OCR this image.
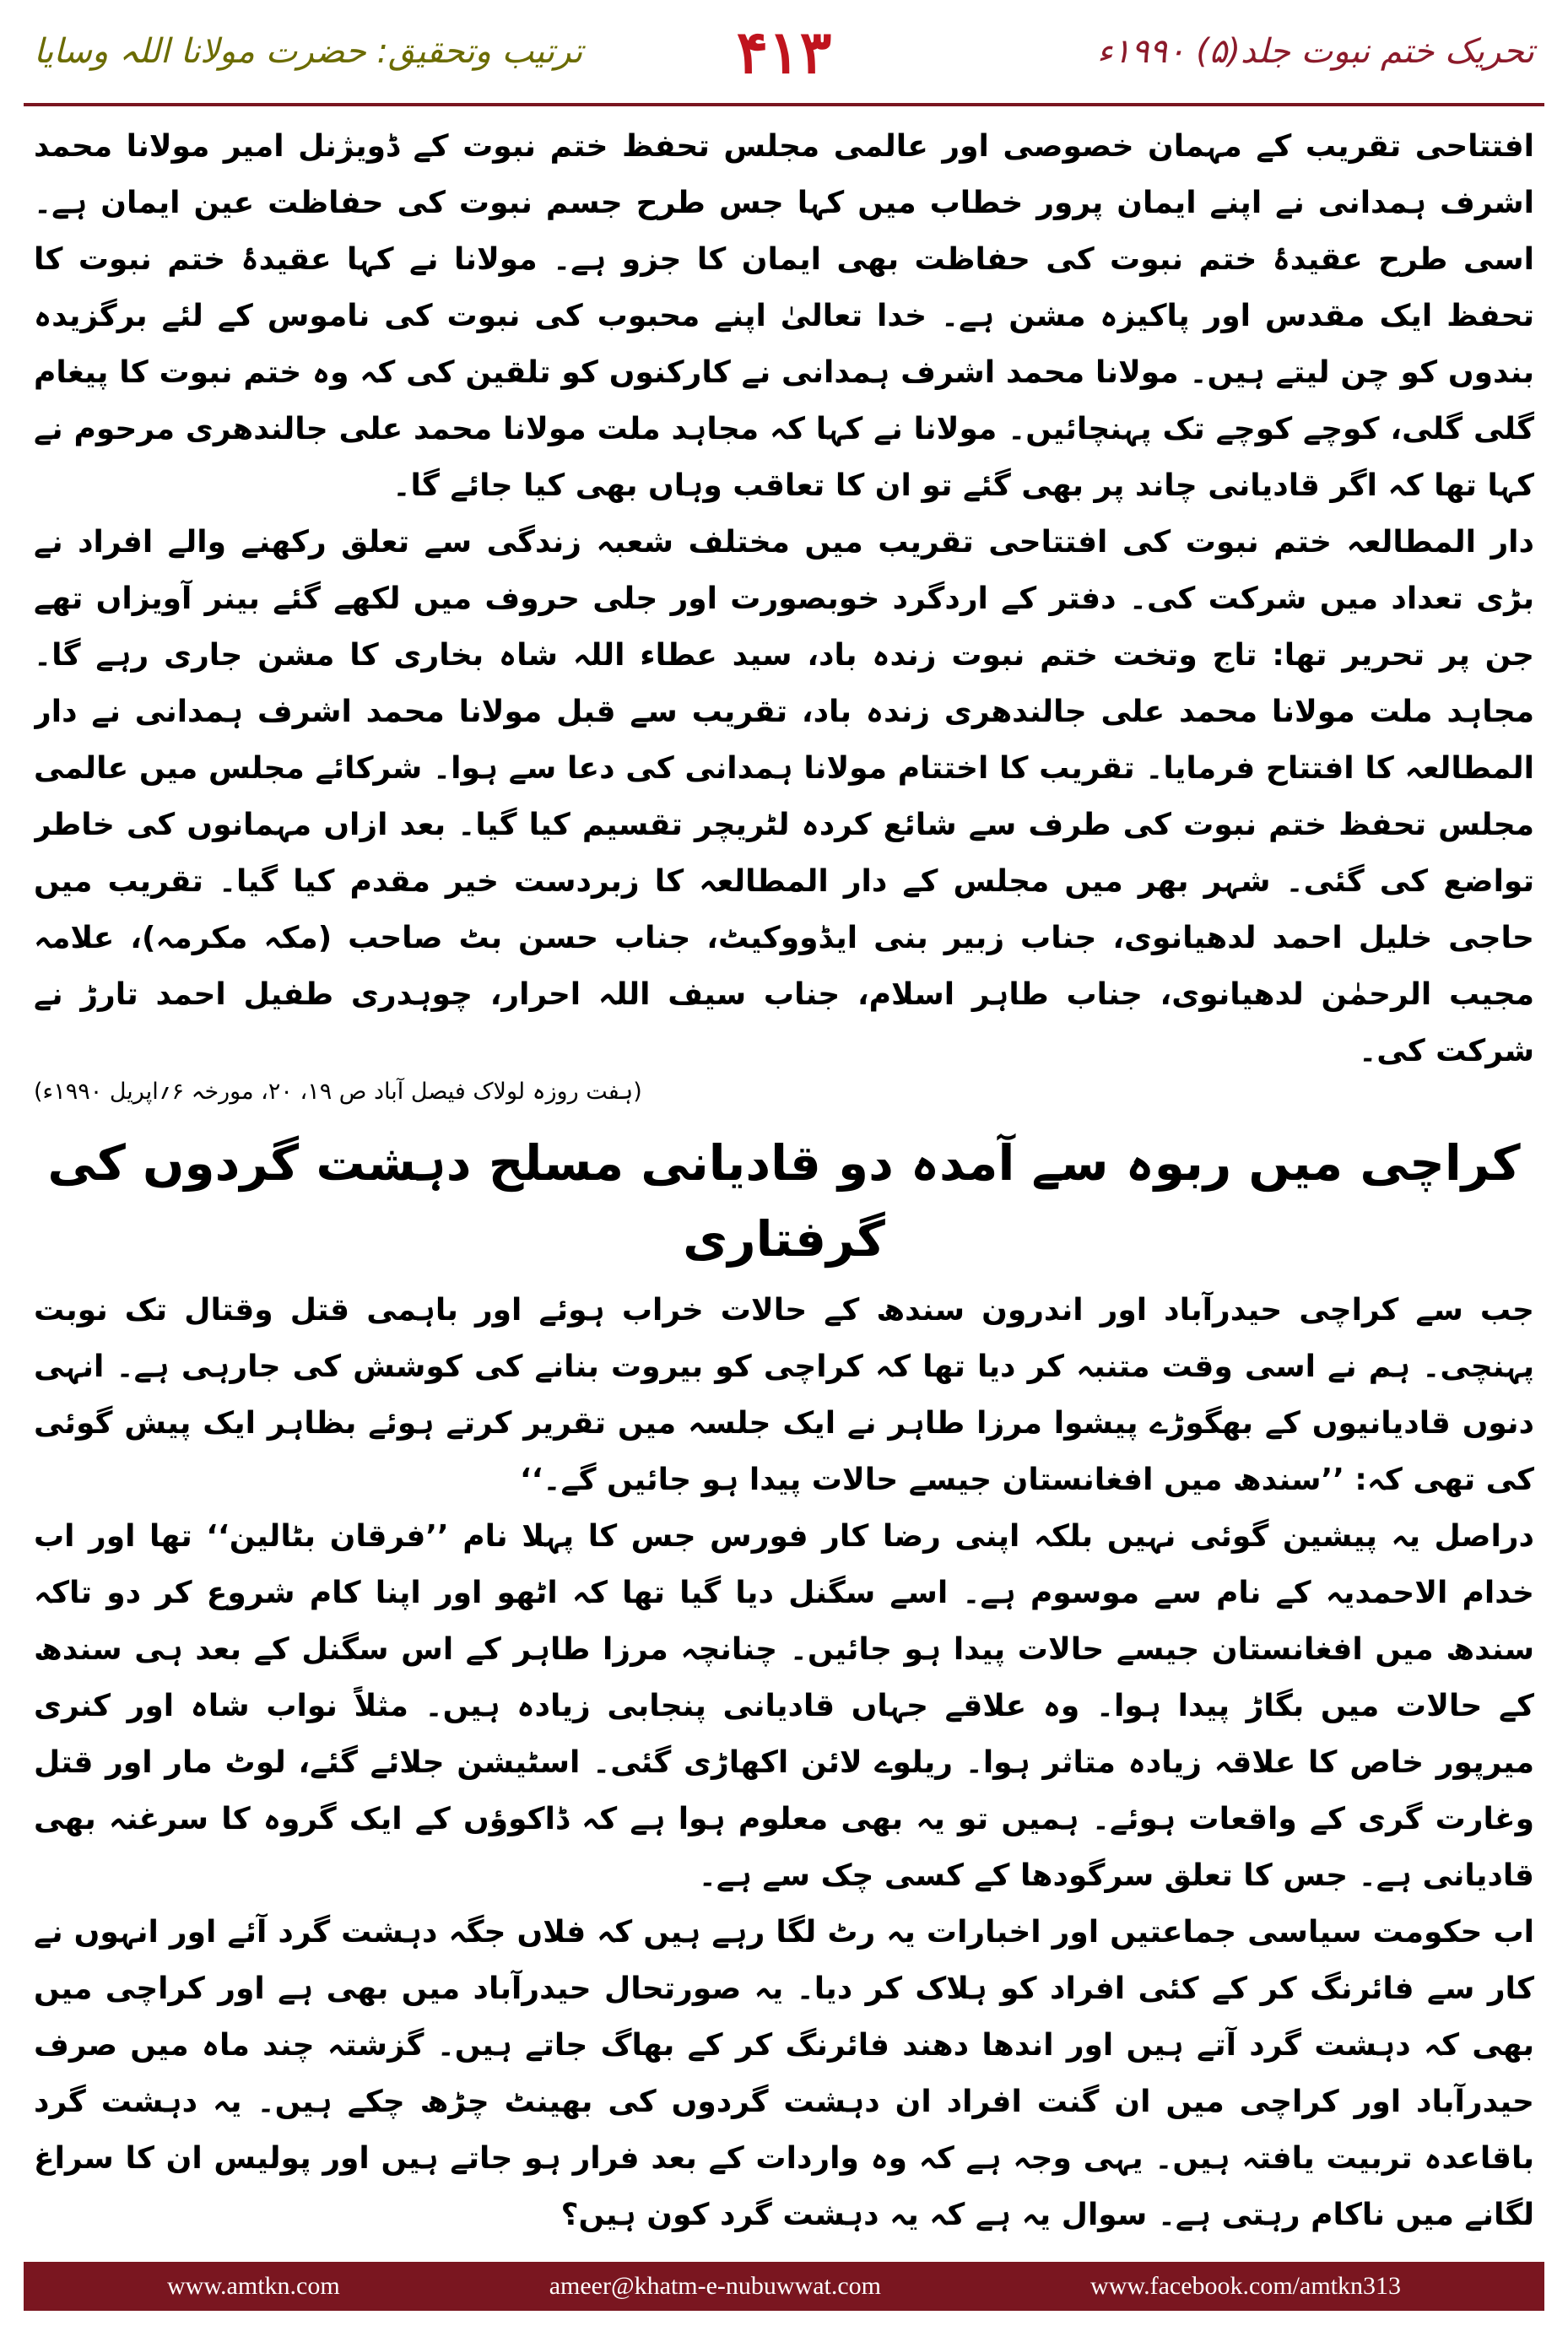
تحریک ختم نبوت جلد(۵) ۱۹۹۰ء
۴۱۳
ترتیب وتحقیق: حضرت مولانا اللہ وسایا

افتتاحی تقریب کے مہمان خصوصی اور عالمی مجلس تحفظ ختم نبوت کے ڈویژنل امیر مولانا محمد اشرف ہمدانی نے اپنے ایمان پرور خطاب میں کہا جس طرح جسم نبوت کی حفاظت عین ایمان ہے۔ اسی طرح عقیدۂ ختم نبوت کی حفاظت بھی ایمان کا جزو ہے۔ مولانا نے کہا عقیدۂ ختم نبوت کا تحفظ ایک مقدس اور پاکیزہ مشن ہے۔ خدا تعالیٰ اپنے محبوب کی نبوت کی ناموس کے لئے برگزیدہ بندوں کو چن لیتے ہیں۔ مولانا محمد اشرف ہمدانی نے کارکنوں کو تلقین کی کہ وہ ختم نبوت کا پیغام گلی گلی، کوچے کوچے تک پہنچائیں۔ مولانا نے کہا کہ مجاہد ملت مولانا محمد علی جالندھری مرحوم نے کہا تھا کہ اگر قادیانی چاند پر بھی گئے تو ان کا تعاقب وہاں بھی کیا جائے گا۔

دار المطالعہ ختم نبوت کی افتتاحی تقریب میں مختلف شعبہ زندگی سے تعلق رکھنے والے افراد نے بڑی تعداد میں شرکت کی۔ دفتر کے اردگرد خوبصورت اور جلی حروف میں لکھے گئے بینر آویزاں تھے جن پر تحریر تھا: تاج وتخت ختم نبوت زندہ باد، سید عطاء اللہ شاہ بخاری کا مشن جاری رہے گا۔ مجاہد ملت مولانا محمد علی جالندھری زندہ باد، تقریب سے قبل مولانا محمد اشرف ہمدانی نے دار المطالعہ کا افتتاح فرمایا۔ تقریب کا اختتام مولانا ہمدانی کی دعا سے ہوا۔ شرکائے مجلس میں عالمی مجلس تحفظ ختم نبوت کی طرف سے شائع کردہ لٹریچر تقسیم کیا گیا۔ بعد ازاں مہمانوں کی خاطر تواضع کی گئی۔ شہر بھر میں مجلس کے دار المطالعہ کا زبردست خیر مقدم کیا گیا۔ تقریب میں حاجی خلیل احمد لدھیانوی، جناب زبیر بنی ایڈووکیٹ، جناب حسن بٹ صاحب (مکہ مکرمہ)، علامہ مجیب الرحمٰن لدھیانوی، جناب طاہر اسلام، جناب سیف اللہ احرار، چوہدری طفیل احمد تارڑ نے شرکت کی۔

(ہفت روزہ لولاک فیصل آباد ص ۱۹، ۲۰، مورخہ ۶؍اپریل ۱۹۹۰ء)

کراچی میں ربوہ سے آمدہ دو قادیانی مسلح دہشت گردوں کی گرفتاری

جب سے کراچی حیدرآباد اور اندرون سندھ کے حالات خراب ہوئے اور باہمی قتل وقتال تک نوبت پہنچی۔ ہم نے اسی وقت متنبہ کر دیا تھا کہ کراچی کو بیروت بنانے کی کوشش کی جارہی ہے۔ انہی دنوں قادیانیوں کے بھگوڑے پیشوا مرزا طاہر نے ایک جلسہ میں تقریر کرتے ہوئے بظاہر ایک پیش گوئی کی تھی کہ: ’’سندھ میں افغانستان جیسے حالات پیدا ہو جائیں گے۔‘‘

دراصل یہ پیشین گوئی نہیں بلکہ اپنی رضا کار فورس جس کا پہلا نام ’’فرقان بٹالین‘‘ تھا اور اب خدام الاحمدیہ کے نام سے موسوم ہے۔ اسے سگنل دیا گیا تھا کہ اٹھو اور اپنا کام شروع کر دو تاکہ سندھ میں افغانستان جیسے حالات پیدا ہو جائیں۔ چنانچہ مرزا طاہر کے اس سگنل کے بعد ہی سندھ کے حالات میں بگاڑ پیدا ہوا۔ وہ علاقے جہاں قادیانی پنجابی زیادہ ہیں۔ مثلاً نواب شاہ اور کنری میرپور خاص کا علاقہ زیادہ متاثر ہوا۔ ریلوے لائن اکھاڑی گئی۔ اسٹیشن جلائے گئے، لوٹ مار اور قتل وغارت گری کے واقعات ہوئے۔ ہمیں تو یہ بھی معلوم ہوا ہے کہ ڈاکوؤں کے ایک گروہ کا سرغنہ بھی قادیانی ہے۔ جس کا تعلق سرگودھا کے کسی چک سے ہے۔

اب حکومت سیاسی جماعتیں اور اخبارات یہ رٹ لگا رہے ہیں کہ فلاں جگہ دہشت گرد آئے اور انہوں نے کار سے فائرنگ کر کے کئی افراد کو ہلاک کر دیا۔ یہ صورتحال حیدرآباد میں بھی ہے اور کراچی میں بھی کہ دہشت گرد آتے ہیں اور اندھا دھند فائرنگ کر کے بھاگ جاتے ہیں۔ گزشتہ چند ماہ میں صرف حیدرآباد اور کراچی میں ان گنت افراد ان دہشت گردوں کی بھینٹ چڑھ چکے ہیں۔ یہ دہشت گرد باقاعدہ تربیت یافتہ ہیں۔ یہی وجہ ہے کہ وہ واردات کے بعد فرار ہو جاتے ہیں اور پولیس ان کا سراغ لگانے میں ناکام رہتی ہے۔ سوال یہ ہے کہ یہ دہشت گرد کون ہیں؟

www.amtkn.com	ameer@khatm-e-nubuwwat.com	www.facebook.com/amtkn313
